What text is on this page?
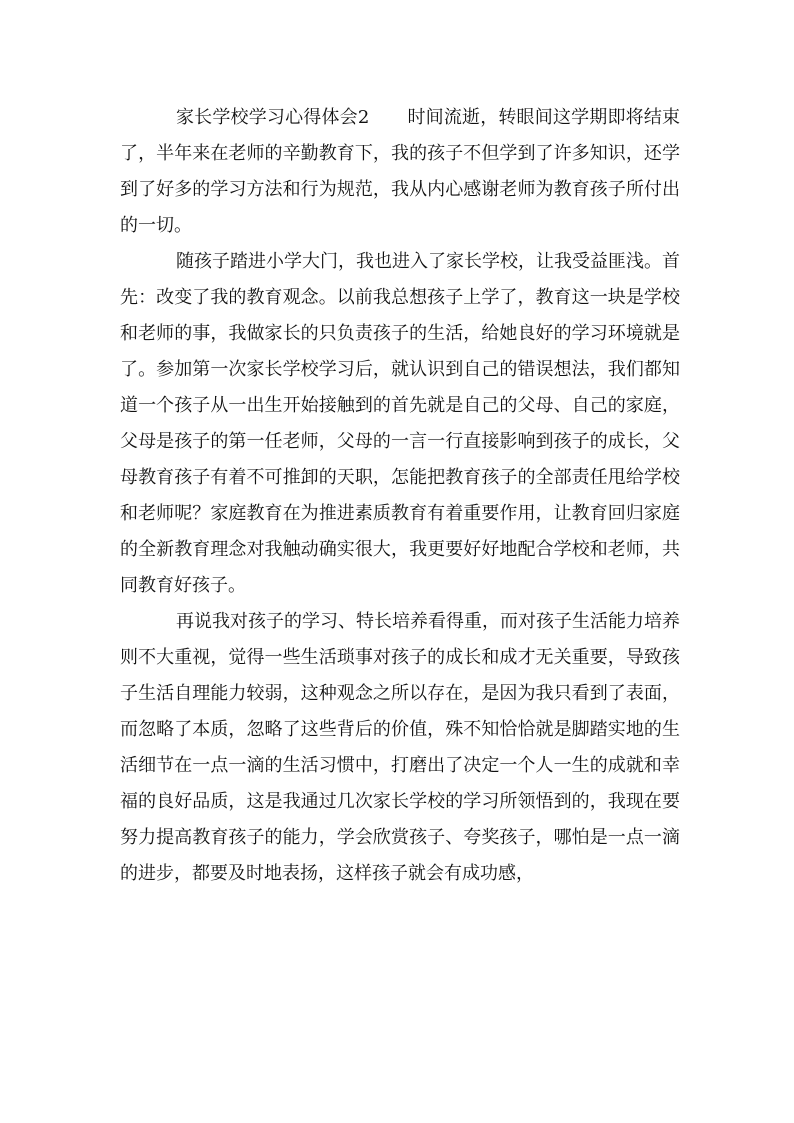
家长学校学习心得体会2 时间流逝，转眼间这学期即将结束了，半年来在老师的辛勤教育下，我的孩子不但学到了许多知识，还学到了好多的学习方法和行为规范，我从内心感谢老师为教育孩子所付出的一切。

随孩子踏进小学大门，我也进入了家长学校，让我受益匪浅。首先：改变了我的教育观念。以前我总想孩子上学了，教育这一块是学校和老师的事，我做家长的只负责孩子的生活，给她良好的学习环境就是了。参加第一次家长学校学习后，就认识到自己的错误想法，我们都知道一个孩子从一出生开始接触到的首先就是自己的父母、自己的家庭，父母是孩子的第一任老师，父母的一言一行直接影响到孩子的成长，父母教育孩子有着不可推卸的天职，怎能把教育孩子的全部责任甩给学校和老师呢？家庭教育在为推进素质教育有着重要作用，让教育回归家庭的全新教育理念对我触动确实很大，我更要好好地配合学校和老师，共同教育好孩子。

再说我对孩子的学习、特长培养看得重，而对孩子生活能力培养则不大重视，觉得一些生活琐事对孩子的成长和成才无关重要，导致孩子生活自理能力较弱，这种观念之所以存在，是因为我只看到了表面，而忽略了本质，忽略了这些背后的价值，殊不知恰恰就是脚踏实地的生活细节在一点一滴的生活习惯中，打磨出了决定一个人一生的成就和幸福的良好品质，这是我通过几次家长学校的学习所领悟到的，我现在要努力提高教育孩子的能力，学会欣赏孩子、夸奖孩子，哪怕是一点一滴的进步，都要及时地表扬，这样孩子就会有成功感，
